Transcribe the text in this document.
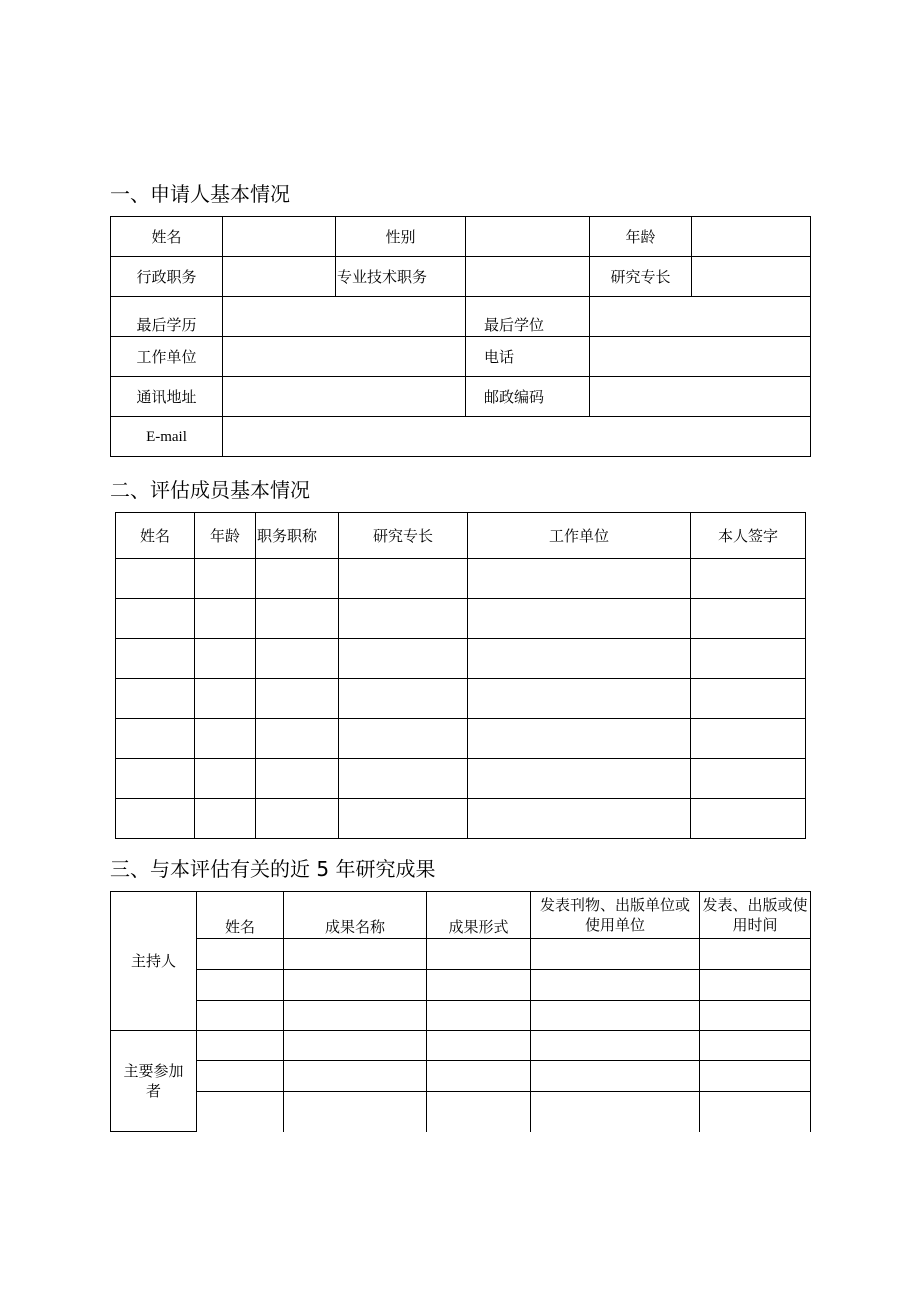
一、申请人基本情况
姓名		性别		年龄	
行政职务		专业技术职务		研究专长	
最后学历			最后学位		
工作单位			电话		
通讯地址			邮政编码		
E-mail					
二、评估成员基本情况
姓名	年龄	职务职称	研究专长	工作单位	本人签字

三、与本评估有关的近 5 年研究成果
主持人	姓名	成果名称	成果形式	发表刊物、出版单位或使用单位	发表、出版或使用时间

主要参加者					
